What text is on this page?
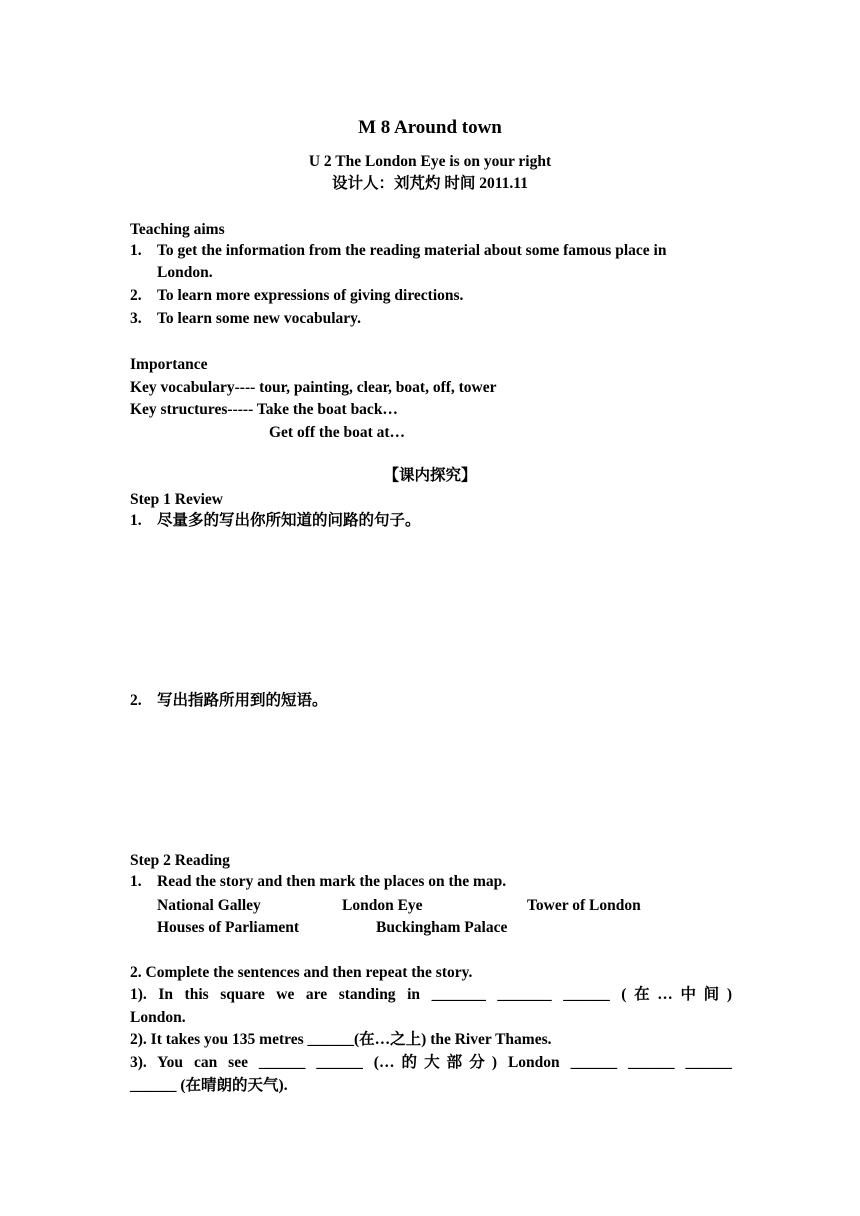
M 8 Around town
U 2 The London Eye is on your right
设计人：刘芃灼 时间 2011.11
Teaching aims
1. To get the information from the reading material about some famous place in
London.
2. To learn more expressions of giving directions.
3. To learn some new vocabulary.
Importance
Key vocabulary---- tour, painting, clear, boat, off, tower
Key structures----- Take the boat back…
Get off the boat at…
【课内探究】
Step 1 Review
1. 尽量多的写出你所知道的问路的句子。
2. 写出指路所用到的短语。
Step 2 Reading
1. Read the story and then mark the places on the map.
National Galley	London Eye	Tower of London
Houses of Parliament	Buckingham Palace
2. Complete the sentences and then repeat the story.
1). In this square we are standing in _______ _______ ______ (在…中间)
London.
2). It takes you 135 metres ______(在…之上) the River Thames.
3). You can see ______ ______ (…的大部分) London ______ ______ ______
______ (在晴朗的天气).
